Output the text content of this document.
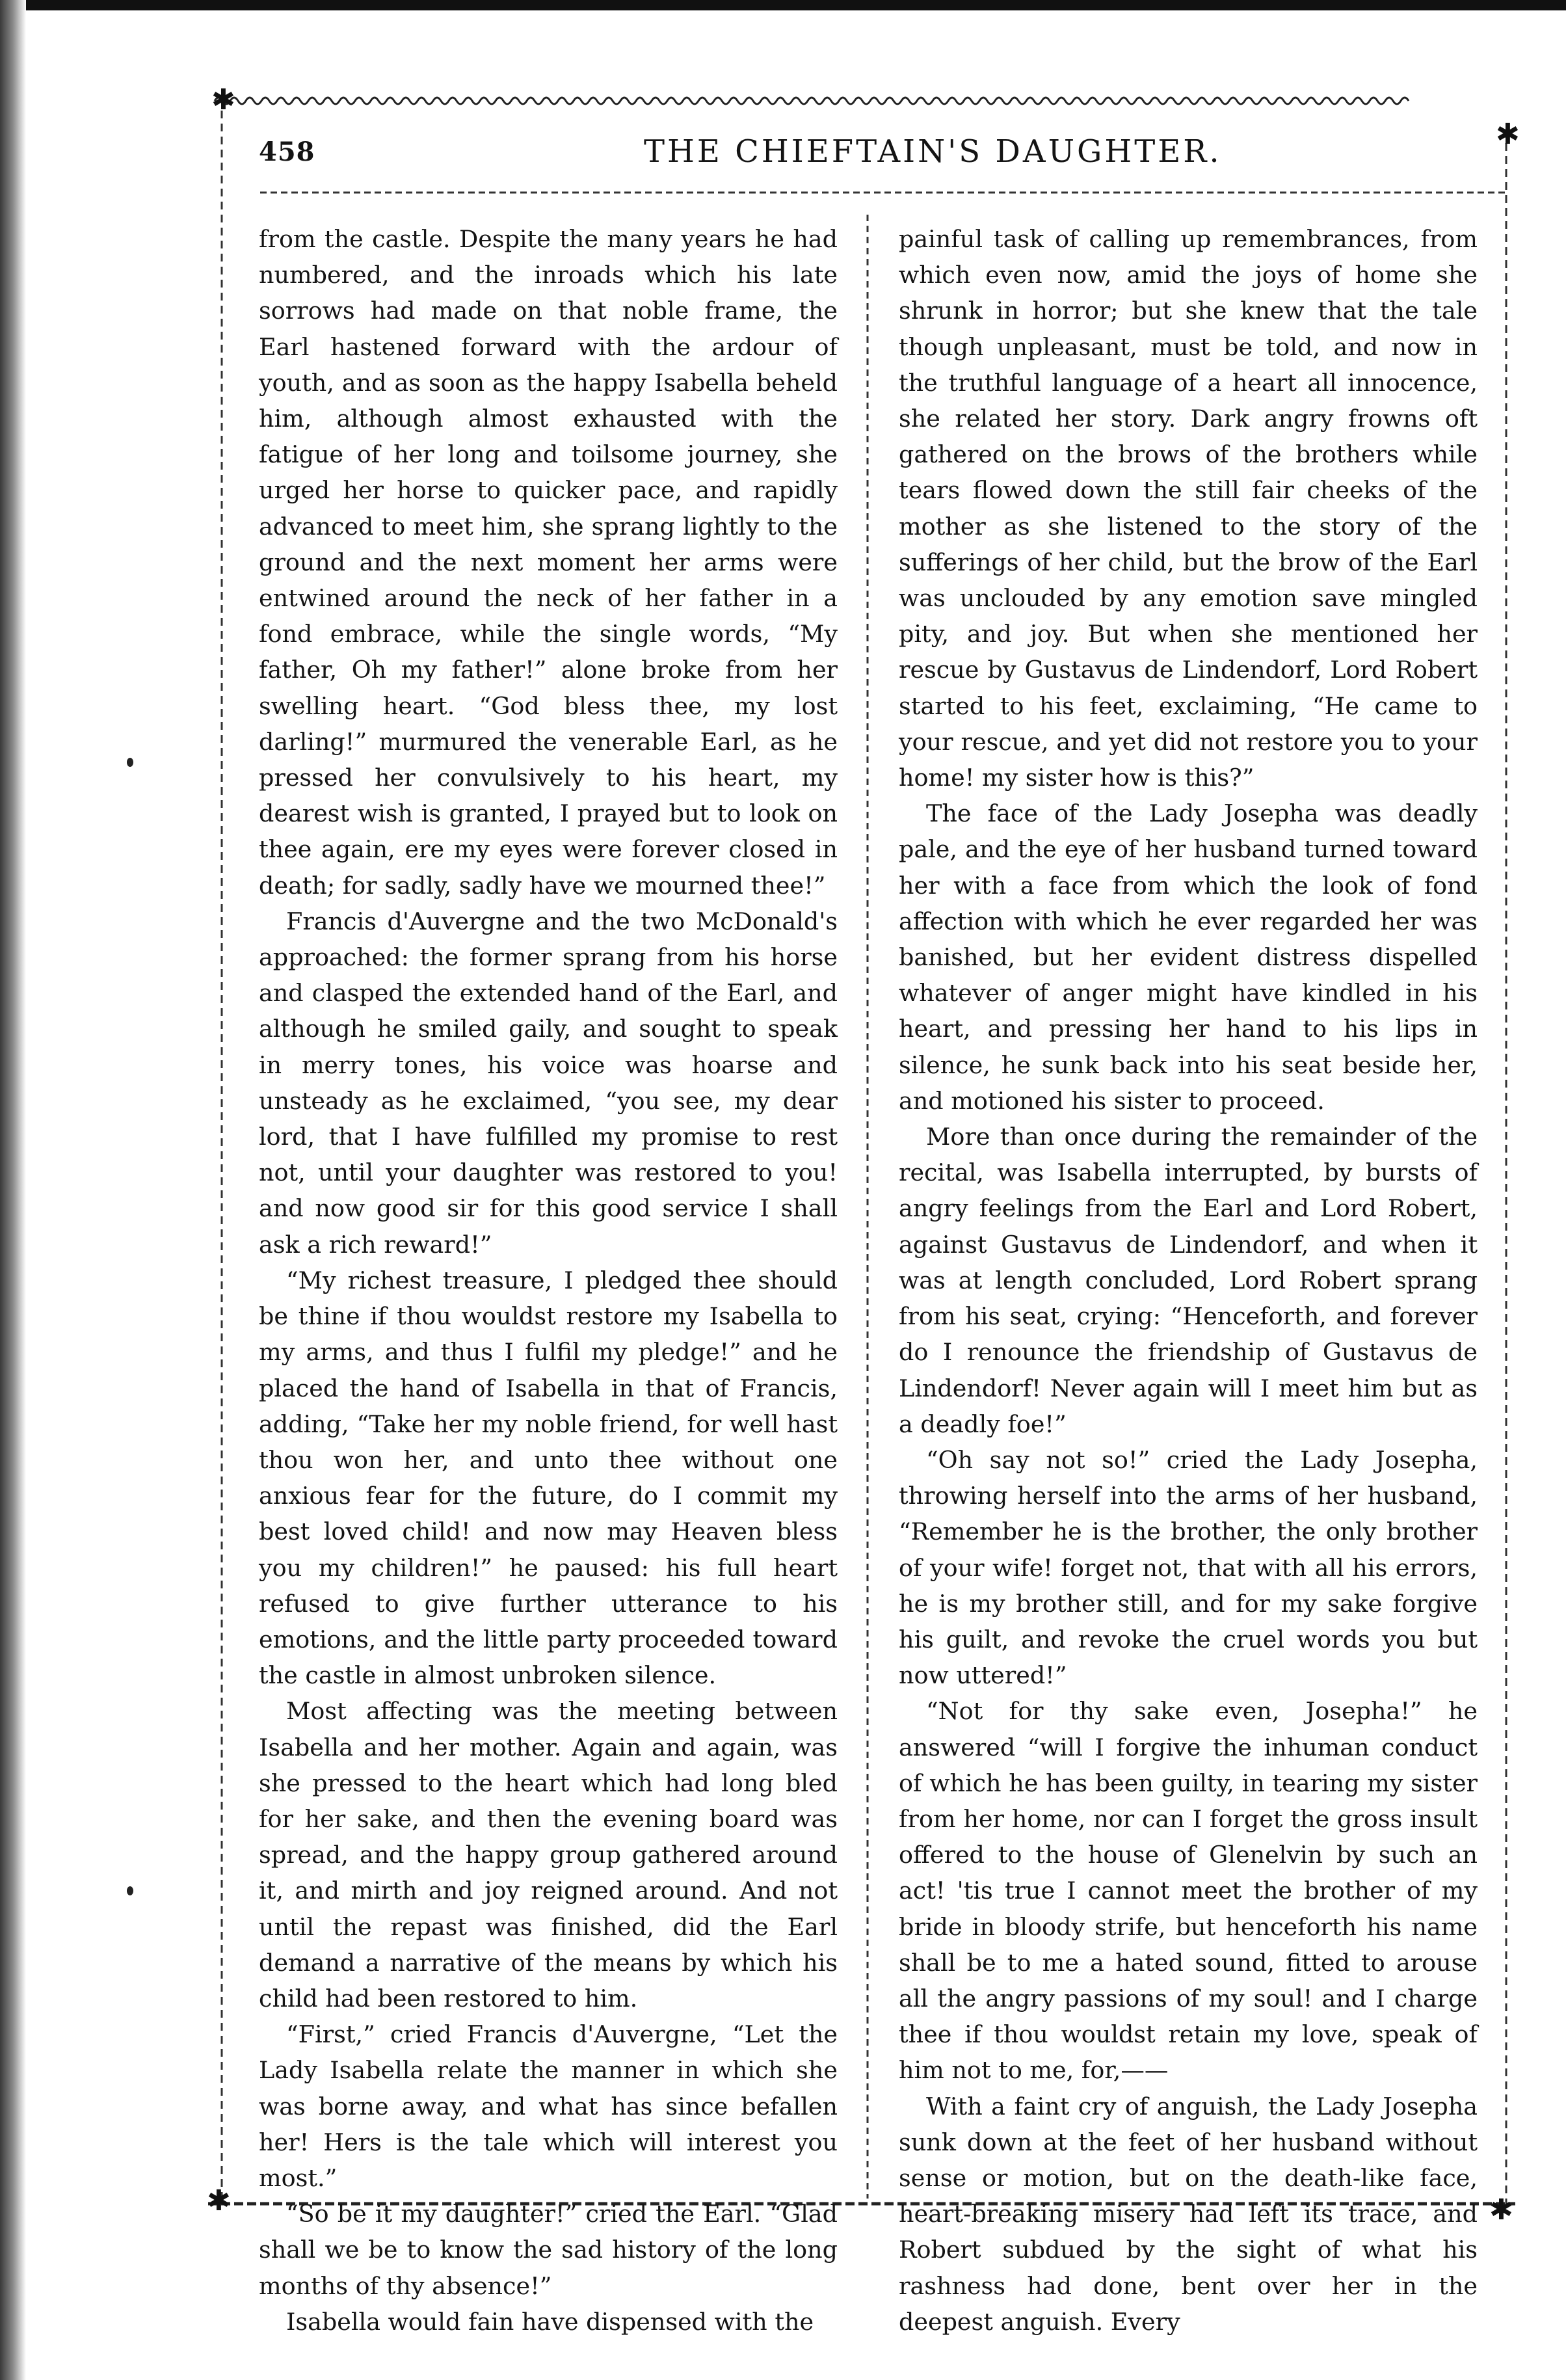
✱
✱
✱	✱
458	THE CHIEFTAIN'S DAUGHTER.

from the castle. Despite the many years he had numbered, and the inroads which his late sorrows had made on that noble frame, the Earl hastened forward with the ardour of youth, and as soon as the happy Isabella beheld him, although almost exhausted with the fatigue of her long and toilsome journey, she urged her horse to quicker pace, and rapidly advanced to meet him, she sprang lightly to the ground and the next moment her arms were entwined around the neck of her father in a fond embrace, while the single words, “My father, Oh my father!” alone broke from her swelling heart. “God bless thee, my lost darling!” murmured the venerable Earl, as he pressed her convulsively to his heart, my dearest wish is granted, I prayed but to look on thee again, ere my eyes were forever closed in death; for sadly, sadly have we mourned thee!”

Francis d'Auvergne and the two McDonald's approached: the former sprang from his horse and clasped the extended hand of the Earl, and although he smiled gaily, and sought to speak in merry tones, his voice was hoarse and unsteady as he exclaimed, “you see, my dear lord, that I have fulfilled my promise to rest not, until your daughter was restored to you! and now good sir for this good service I shall ask a rich reward!”

“My richest treasure, I pledged thee should be thine if thou wouldst restore my Isabella to my arms, and thus I fulfil my pledge!” and he placed the hand of Isabella in that of Francis, adding, “Take her my noble friend, for well hast thou won her, and unto thee without one anxious fear for the future, do I commit my best loved child! and now may Heaven bless you my children!” he paused: his full heart refused to give further utterance to his emotions, and the little party proceeded toward the castle in almost unbroken silence.

Most affecting was the meeting between Isabella and her mother. Again and again, was she pressed to the heart which had long bled for her sake, and then the evening board was spread, and the happy group gathered around it, and mirth and joy reigned around. And not until the repast was finished, did the Earl demand a narrative of the means by which his child had been restored to him.

“First,” cried Francis d'Auvergne, “Let the Lady Isabella relate the manner in which she was borne away, and what has since befallen her! Hers is the tale which will interest you most.”

“So be it my daughter!” cried the Earl. “Glad shall we be to know the sad history of the long months of thy absence!”

Isabella would fain have dispensed with the

painful task of calling up remembrances, from which even now, amid the joys of home she shrunk in horror; but she knew that the tale though unpleasant, must be told, and now in the truthful language of a heart all innocence, she related her story. Dark angry frowns oft gathered on the brows of the brothers while tears flowed down the still fair cheeks of the mother as she listened to the story of the sufferings of her child, but the brow of the Earl was unclouded by any emotion save mingled pity, and joy. But when she mentioned her rescue by Gustavus de Lindendorf, Lord Robert started to his feet, exclaiming, “He came to your rescue, and yet did not restore you to your home! my sister how is this?”

The face of the Lady Josepha was deadly pale, and the eye of her husband turned toward her with a face from which the look of fond affection with which he ever regarded her was banished, but her evident distress dispelled whatever of anger might have kindled in his heart, and pressing her hand to his lips in silence, he sunk back into his seat beside her, and motioned his sister to proceed.

More than once during the remainder of the recital, was Isabella interrupted, by bursts of angry feelings from the Earl and Lord Robert, against Gustavus de Lindendorf, and when it was at length concluded, Lord Robert sprang from his seat, crying: “Henceforth, and forever do I renounce the friendship of Gustavus de Lindendorf! Never again will I meet him but as a deadly foe!”

“Oh say not so!” cried the Lady Josepha, throwing herself into the arms of her husband, “Remember he is the brother, the only brother of your wife! forget not, that with all his errors, he is my brother still, and for my sake forgive his guilt, and revoke the cruel words you but now uttered!”

“Not for thy sake even, Josepha!” he answered “will I forgive the inhuman conduct of which he has been guilty, in tearing my sister from her home, nor can I forget the gross insult offered to the house of Glenelvin by such an act! 'tis true I cannot meet the brother of my bride in bloody strife, but henceforth his name shall be to me a hated sound, fitted to arouse all the angry passions of my soul! and I charge thee if thou wouldst retain my love, speak of him not to me, for,——

With a faint cry of anguish, the Lady Josepha sunk down at the feet of her husband without sense or motion, but on the death-like face, heart-breaking misery had left its trace, and Robert subdued by the sight of what his rashness had done, bent over her in the deepest anguish. Every
